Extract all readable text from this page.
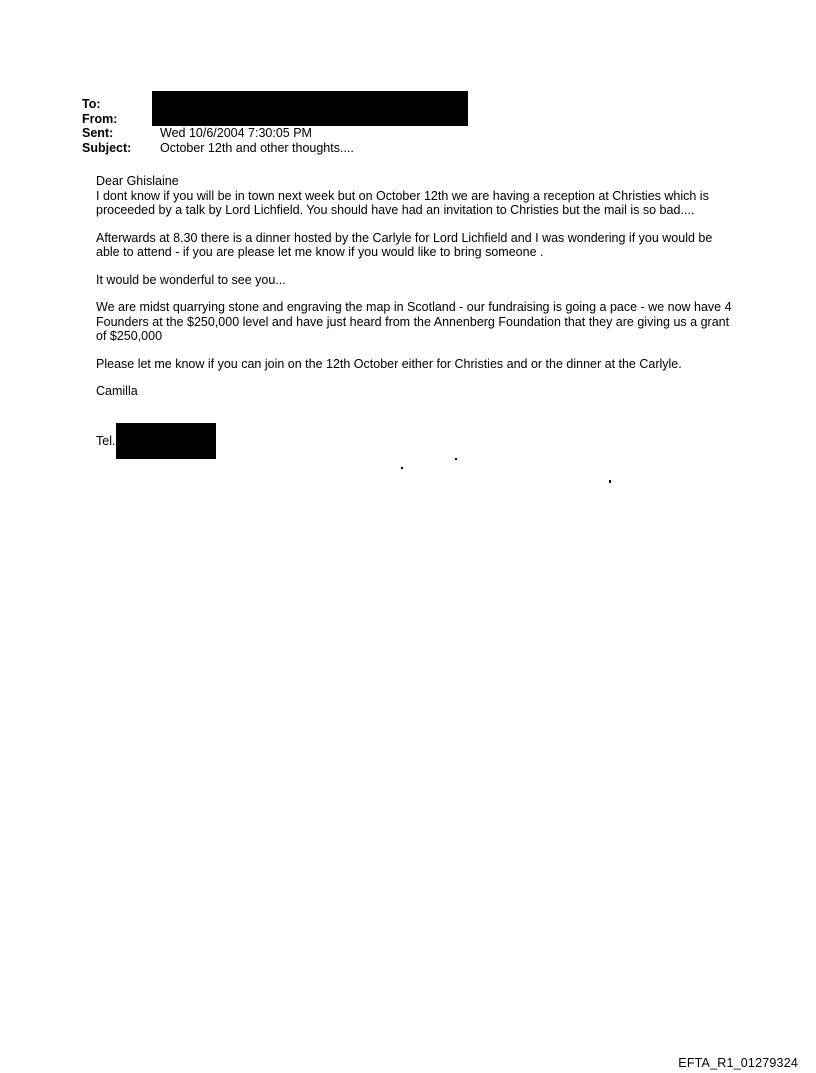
To:
From:
Sent:	Wed 10/6/2004 7:30:05 PM
Subject:	October 12th and other thoughts....

Dear Ghislaine
I dont know if you will be in town next week but on October 12th we are having a reception at Christies which is proceeded by a talk by Lord Lichfield. You should have had an invitation to Christies but the mail is so bad....

Afterwards at 8.30 there is a dinner hosted by the Carlyle for Lord Lichfield and I was wondering if you would be able to attend - if you are please let me know if you would like to bring someone .

It would be wonderful to see you...

We are midst quarrying stone and engraving the map in Scotland - our fundraising is going a pace - we now have 4 Founders at the $250,000 level and have just heard from the Annenberg Foundation that they are giving us a grant of $250,000

Please let me know if you can join on the 12th October either for Christies and or the dinner at the Carlyle.

Camilla

Tel.
EFTA_R1_01279324
